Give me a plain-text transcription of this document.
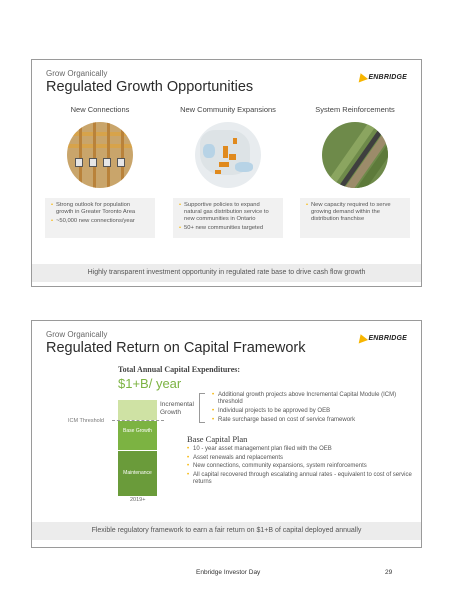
Grow Organically
Regulated Growth Opportunities
ENBRIDGE
New Connections
• Strong outlook for population growth in Greater Toronto Area
• ~50,000 new connections/year
New Community Expansions
• Supportive policies to expand natural gas distribution service to new communities in Ontario
• 50+ new communities targeted
System Reinforcements
• New capacity required to serve growing demand within the distribution franchise
Highly transparent investment opportunity in regulated rate base to drive cash flow growth
Grow Organically
Regulated Return on Capital Framework
ENBRIDGE
Total Annual Capital Expenditures:
$1+B/ year
Base Growth
Maintenance
ICM Threshold
2019+
Incremental Growth
• Additional growth projects above Incremental Capital Module (ICM) threshold
• Individual projects to be approved by OEB
• Rate surcharge based on cost of service framework
Base Capital Plan
• 10 - year asset management plan filed with the OEB
• Asset renewals and replacements
• New connections, community expansions, system reinforcements
• All capital recovered through escalating annual rates - equivalent to cost of service returns
Flexible regulatory framework to earn a fair return on $1+B of capital deployed annually
Enbridge Investor Day	29
